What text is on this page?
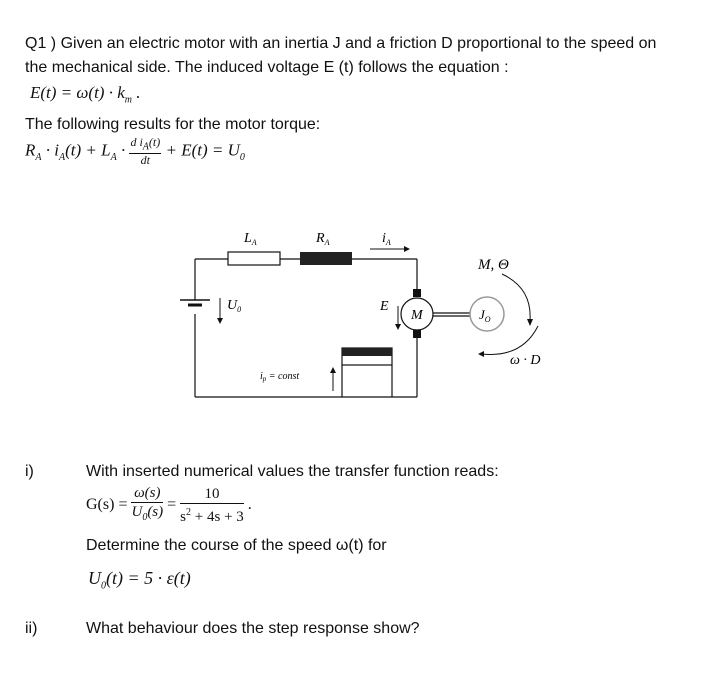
Q1 ) Given an electric motor with an inertia J and a friction D proportional to the speed on
the mechanical side. The induced voltage E (t) follows the equation :
$E(t) = \omega(t) \cdot k_m$ .
The following results for the motor torque:
$R_A \cdot i_A(t) + L_A \cdot \frac{d i_A(t)}{dt} + E(t) = U_0$
$L_A$	$R_A$	$i_A$
$U_0$	E
M	$J_O$
M, Θ
ω · D
$i_p$ = const
i)	With inserted numerical values the transfer function reads:
$G(s) = \frac{\omega(s)}{U_0(s)} = \frac{10}{s^2 + 4s + 3}$ .
Determine the course of the speed ω(t) for
$U_0(t) = 5 \cdot \varepsilon(t)$
ii)	What behaviour does the step response show?
